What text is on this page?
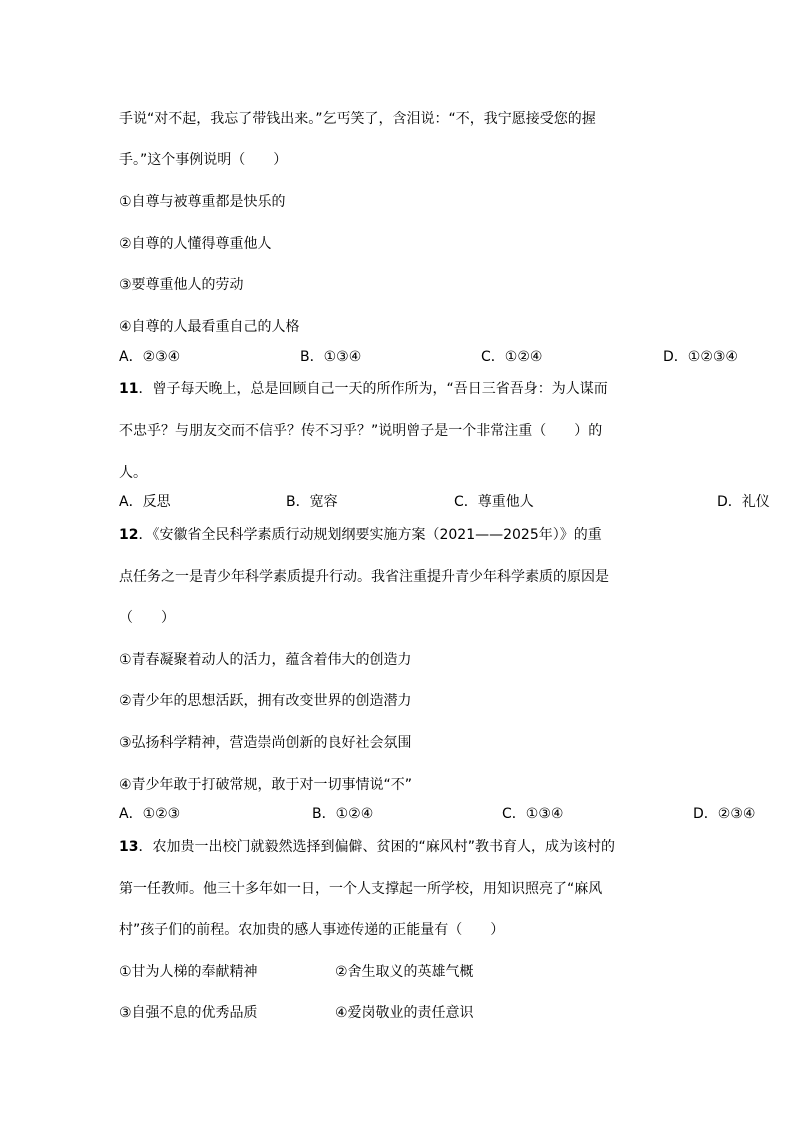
手说“对不起，我忘了带钱出来。”乞丐笑了，含泪说：“不，我宁愿接受您的握
手。”这个事例说明（　　）
①自尊与被尊重都是快乐的
②自尊的人懂得尊重他人
③要尊重他人的劳动
④自尊的人最看重自己的人格
A．②③④	B．①③④	C．①②④	D．①②③④
11．曾子每天晚上，总是回顾自己一天的所作所为，“吾日三省吾身：为人谋而
不忠乎？与朋友交而不信乎？传不习乎？”说明曾子是一个非常注重（　　）的
人。
A．反思	B．宽容	C．尊重他人	D．礼仪
12．《安徽省全民科学素质行动规划纲要实施方案（2021——2025年）》的重
点任务之一是青少年科学素质提升行动。我省注重提升青少年科学素质的原因是
（　　）
①青春凝聚着动人的活力，蕴含着伟大的创造力
②青少年的思想活跃，拥有改变世界的创造潜力
③弘扬科学精神，营造崇尚创新的良好社会氛围
④青少年敢于打破常规，敢于对一切事情说“不”
A．①②③	B．①②④	C．①③④	D．②③④
13．农加贵一出校门就毅然选择到偏僻、贫困的“麻风村”教书育人，成为该村的
第一任教师。他三十多年如一日，一个人支撑起一所学校，用知识照亮了“麻风
村”孩子们的前程。农加贵的感人事迹传递的正能量有（　　）
①甘为人梯的奉献精神	②舍生取义的英雄气概
③自强不息的优秀品质	④爱岗敬业的责任意识
